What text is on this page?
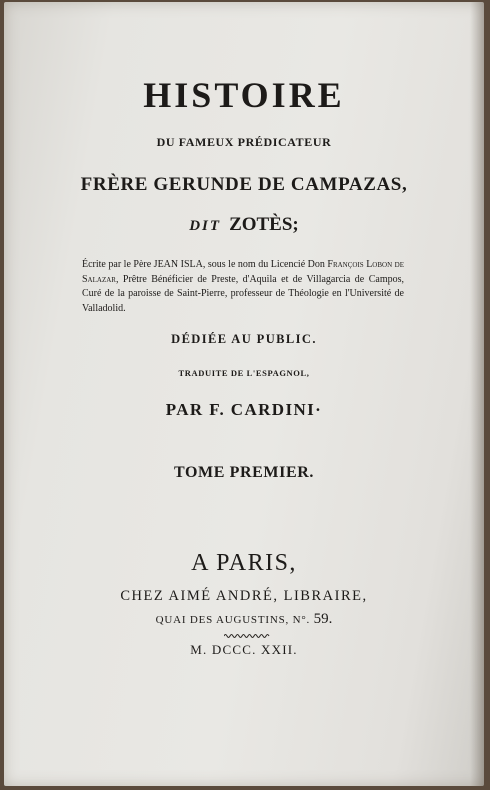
HISTOIRE
DU FAMEUX PRÉDICATEUR
FRÈRE GERUNDE DE CAMPAZAS,
DIT ZOTÈS;
Écrite par le Père JEAN ISLA, sous le nom du Licencié Don François Lobon de Salazar, Prêtre Bénéficier de Preste, d'Aquila et de Villagarcia de Campos, Curé de la paroisse de Saint-Pierre, professeur de Théologie en l'Université de Valladolid.
DÉDIÉE AU PUBLIC.
TRADUITE DE L'ESPAGNOL,
PAR F. CARDINI·
TOME PREMIER.
A PARIS,
CHEZ AIMÉ ANDRÉ, LIBRAIRE,
QUAI DES AUGUSTINS, N°. 59.
M. DCCC. XXII.
